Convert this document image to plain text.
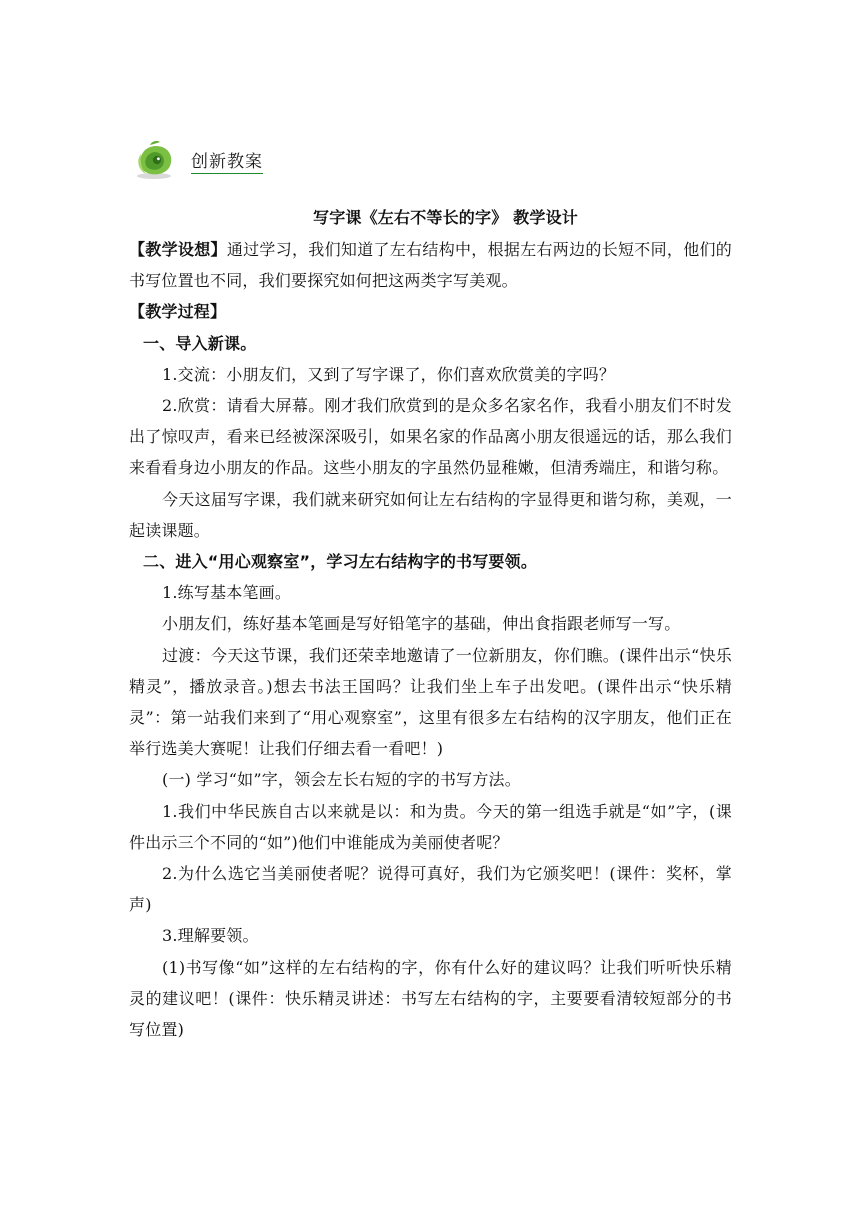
创新教案

写字课《左右不等长的字》 教学设计

【教学设想】通过学习，我们知道了左右结构中，根据左右两边的长短不同，他们的书写位置也不同，我们要探究如何把这两类字写美观。

【教学过程】

一、导入新课。

1.交流：小朋友们，又到了写字课了，你们喜欢欣赏美的字吗？

2.欣赏：请看大屏幕。刚才我们欣赏到的是众多名家名作，我看小朋友们不时发出了惊叹声，看来已经被深深吸引，如果名家的作品离小朋友很遥远的话，那么我们来看看身边小朋友的作品。这些小朋友的字虽然仍显稚嫩，但清秀端庄，和谐匀称。

今天这届写字课，我们就来研究如何让左右结构的字显得更和谐匀称，美观，一起读课题。

二、进入“用心观察室”，学习左右结构字的书写要领。

1.练写基本笔画。

小朋友们，练好基本笔画是写好铅笔字的基础，伸出食指跟老师写一写。

过渡：今天这节课，我们还荣幸地邀请了一位新朋友，你们瞧。(课件出示“快乐精灵”，播放录音。)想去书法王国吗？让我们坐上车子出发吧。(课件出示“快乐精灵”：第一站我们来到了“用心观察室”，这里有很多左右结构的汉字朋友，他们正在举行选美大赛呢！让我们仔细去看一看吧！)

(一) 学习“如”字，领会左长右短的字的书写方法。

1.我们中华民族自古以来就是以：和为贵。今天的第一组选手就是“如”字，(课件出示三个不同的“如”)他们中谁能成为美丽使者呢？

2.为什么选它当美丽使者呢？说得可真好，我们为它颁奖吧！(课件：奖杯，掌声)

3.理解要领。

(1)书写像“如”这样的左右结构的字，你有什么好的建议吗？让我们听听快乐精灵的建议吧！(课件：快乐精灵讲述：书写左右结构的字，主要要看清较短部分的书写位置)
